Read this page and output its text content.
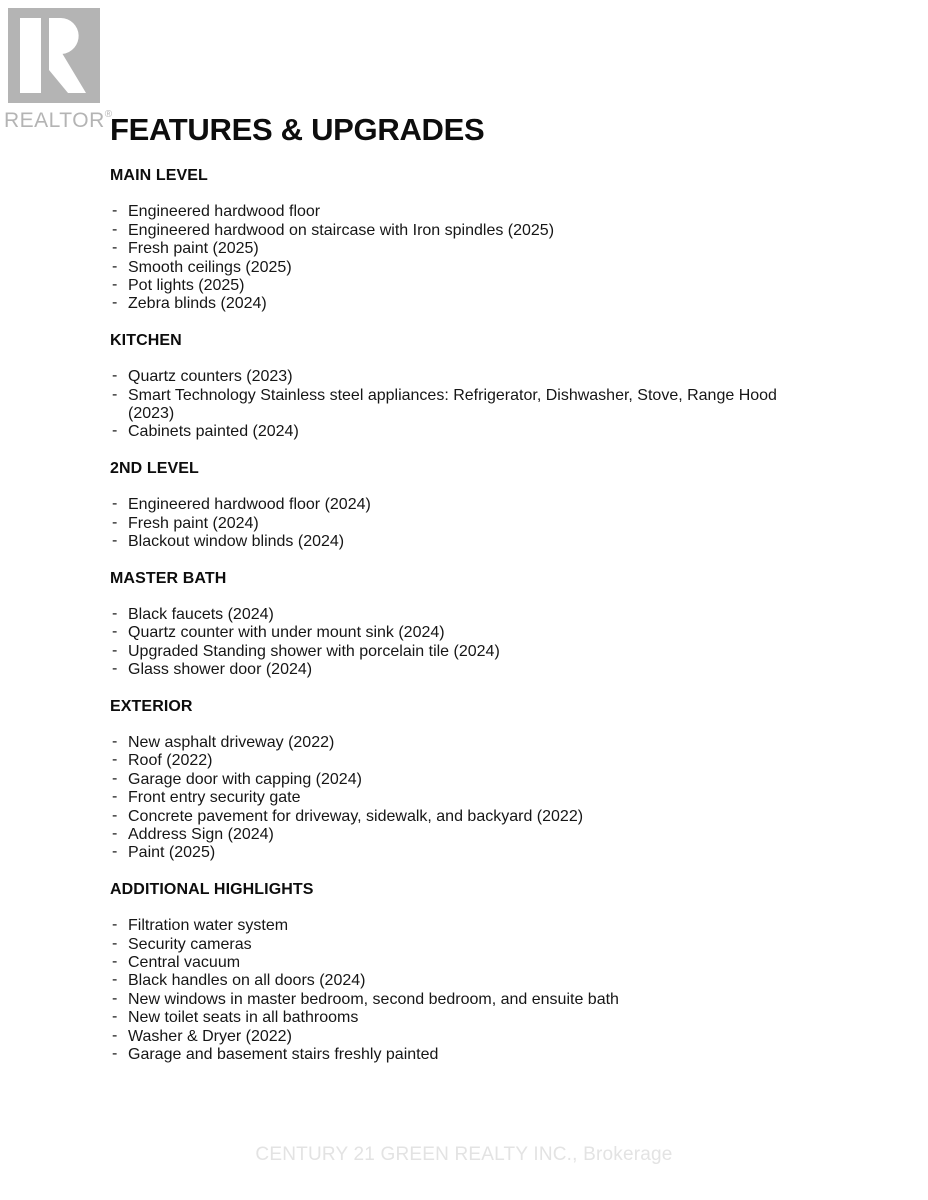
REALTOR®
FEATURES & UPGRADES
MAIN LEVEL
- Engineered hardwood floor
- Engineered hardwood on staircase with Iron spindles (2025)
- Fresh paint (2025)
- Smooth ceilings (2025)
- Pot lights (2025)
- Zebra blinds (2024)
KITCHEN
- Quartz counters (2023)
- Smart Technology Stainless steel appliances: Refrigerator, Dishwasher, Stove, Range Hood (2023)
- Cabinets painted (2024)
2ND LEVEL
- Engineered hardwood floor (2024)
- Fresh paint (2024)
- Blackout window blinds (2024)
MASTER BATH
- Black faucets (2024)
- Quartz counter with under mount sink (2024)
- Upgraded Standing shower with porcelain tile (2024)
- Glass shower door (2024)
EXTERIOR
- New asphalt driveway (2022)
- Roof (2022)
- Garage door with capping (2024)
- Front entry security gate
- Concrete pavement for driveway, sidewalk, and backyard (2022)
- Address Sign (2024)
- Paint (2025)
ADDITIONAL HIGHLIGHTS
- Filtration water system
- Security cameras
- Central vacuum
- Black handles on all doors (2024)
- New windows in master bedroom, second bedroom, and ensuite bath
- New toilet seats in all bathrooms
- Washer & Dryer (2022)
- Garage and basement stairs freshly painted
CENTURY 21 GREEN REALTY INC., Brokerage
